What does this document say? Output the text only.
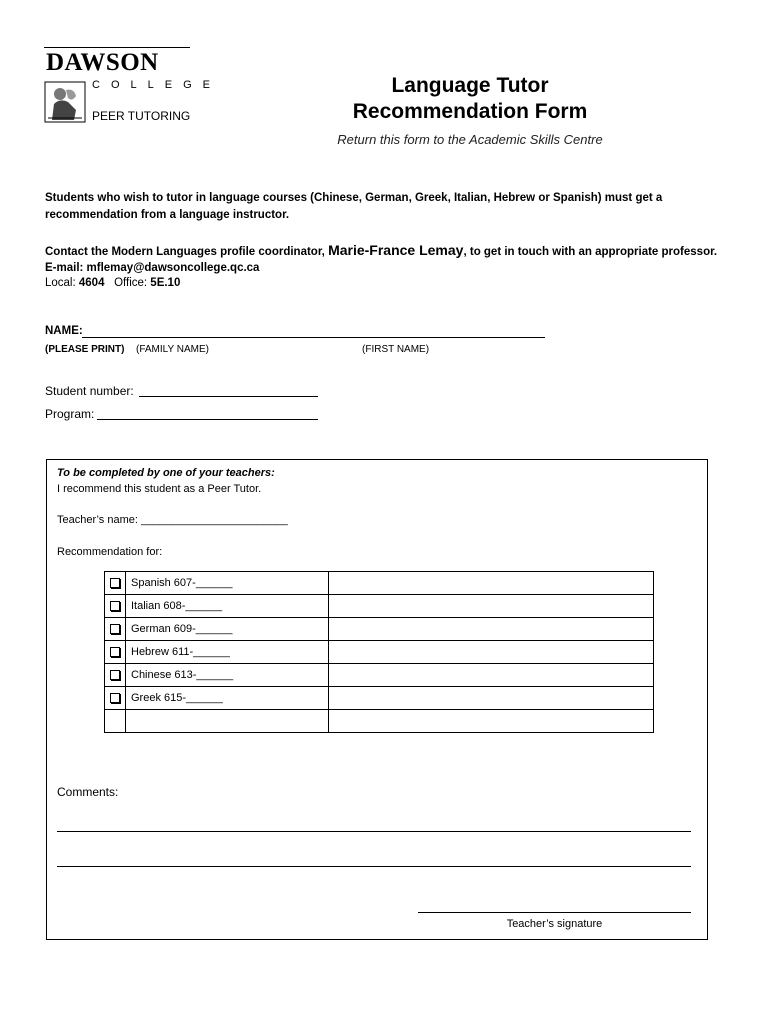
DAWSON
COLLEGE
PEER TUTORING
Language Tutor
Recommendation Form
Return this form to the Academic Skills Centre
Students who wish to tutor in language courses (Chinese, German, Greek, Italian, Hebrew or Spanish) must get a
recommendation from a language instructor.
Contact the Modern Languages profile coordinator, Marie-France Lemay, to get in touch with an appropriate professor.
E-mail: mflemay@dawsoncollege.qc.ca
Local: 4604 Office: 5E.10
NAME:
(PLEASE PRINT) (FAMILY NAME)	(FIRST NAME)
Student number:
Program:
To be completed by one of your teachers:
I recommend this student as a Peer Tutor.
Teacher’s name: ________________________
Recommendation for:
	Spanish 607-______	
	Italian 608-______	
	German 609-______	
	Hebrew 611-______	
	Chinese 613-______	
	Greek 615-______	

Comments:
Teacher’s signature
